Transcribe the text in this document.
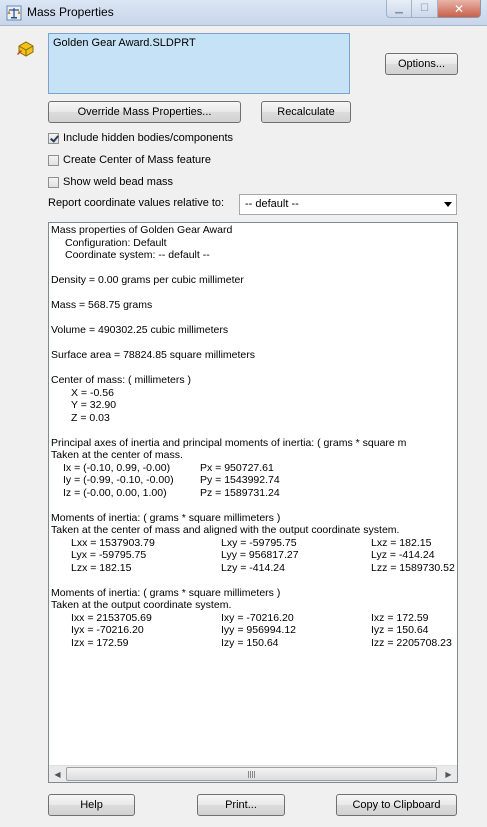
Mass Properties	▁ ☐ ✕
Golden Gear Award.SLDPRT
Options...
Override Mass Properties...	Recalculate
Include hidden bodies/components
Create Center of Mass feature
Show weld bead mass
Report coordinate values relative to:	-- default --
Mass properties of Golden Gear Award
Configuration: Default
Coordinate system: -- default --
Density = 0.00 grams per cubic millimeter
Mass = 568.75 grams
Volume = 490302.25 cubic millimeters
Surface area = 78824.85 square millimeters
Center of mass: ( millimeters )
X = -0.56
Y = 32.90
Z = 0.03
Principal axes of inertia and principal moments of inertia: ( grams * square m
Taken at the center of mass.
Ix = (-0.10, 0.99, -0.00)	Px = 950727.61
Iy = (-0.99, -0.10, -0.00)	Py = 1543992.74
Iz = (-0.00, 0.00, 1.00)	Pz = 1589731.24
Moments of inertia: ( grams * square millimeters )
Taken at the center of mass and aligned with the output coordinate system.
Lxx = 1537903.79	Lxy = -59795.75	Lxz = 182.15
Lyx = -59795.75	Lyy = 956817.27	Lyz = -414.24
Lzx = 182.15	Lzy = -414.24	Lzz = 1589730.52
Moments of inertia: ( grams * square millimeters )
Taken at the output coordinate system.
Ixx = 2153705.69	Ixy = -70216.20	Ixz = 172.59
Iyx = -70216.20	Iyy = 956994.12	Iyz = 150.64
Izx = 172.59	Izy = 150.64	Izz = 2205708.23
◀	▶
Help	Print...	Copy to Clipboard
